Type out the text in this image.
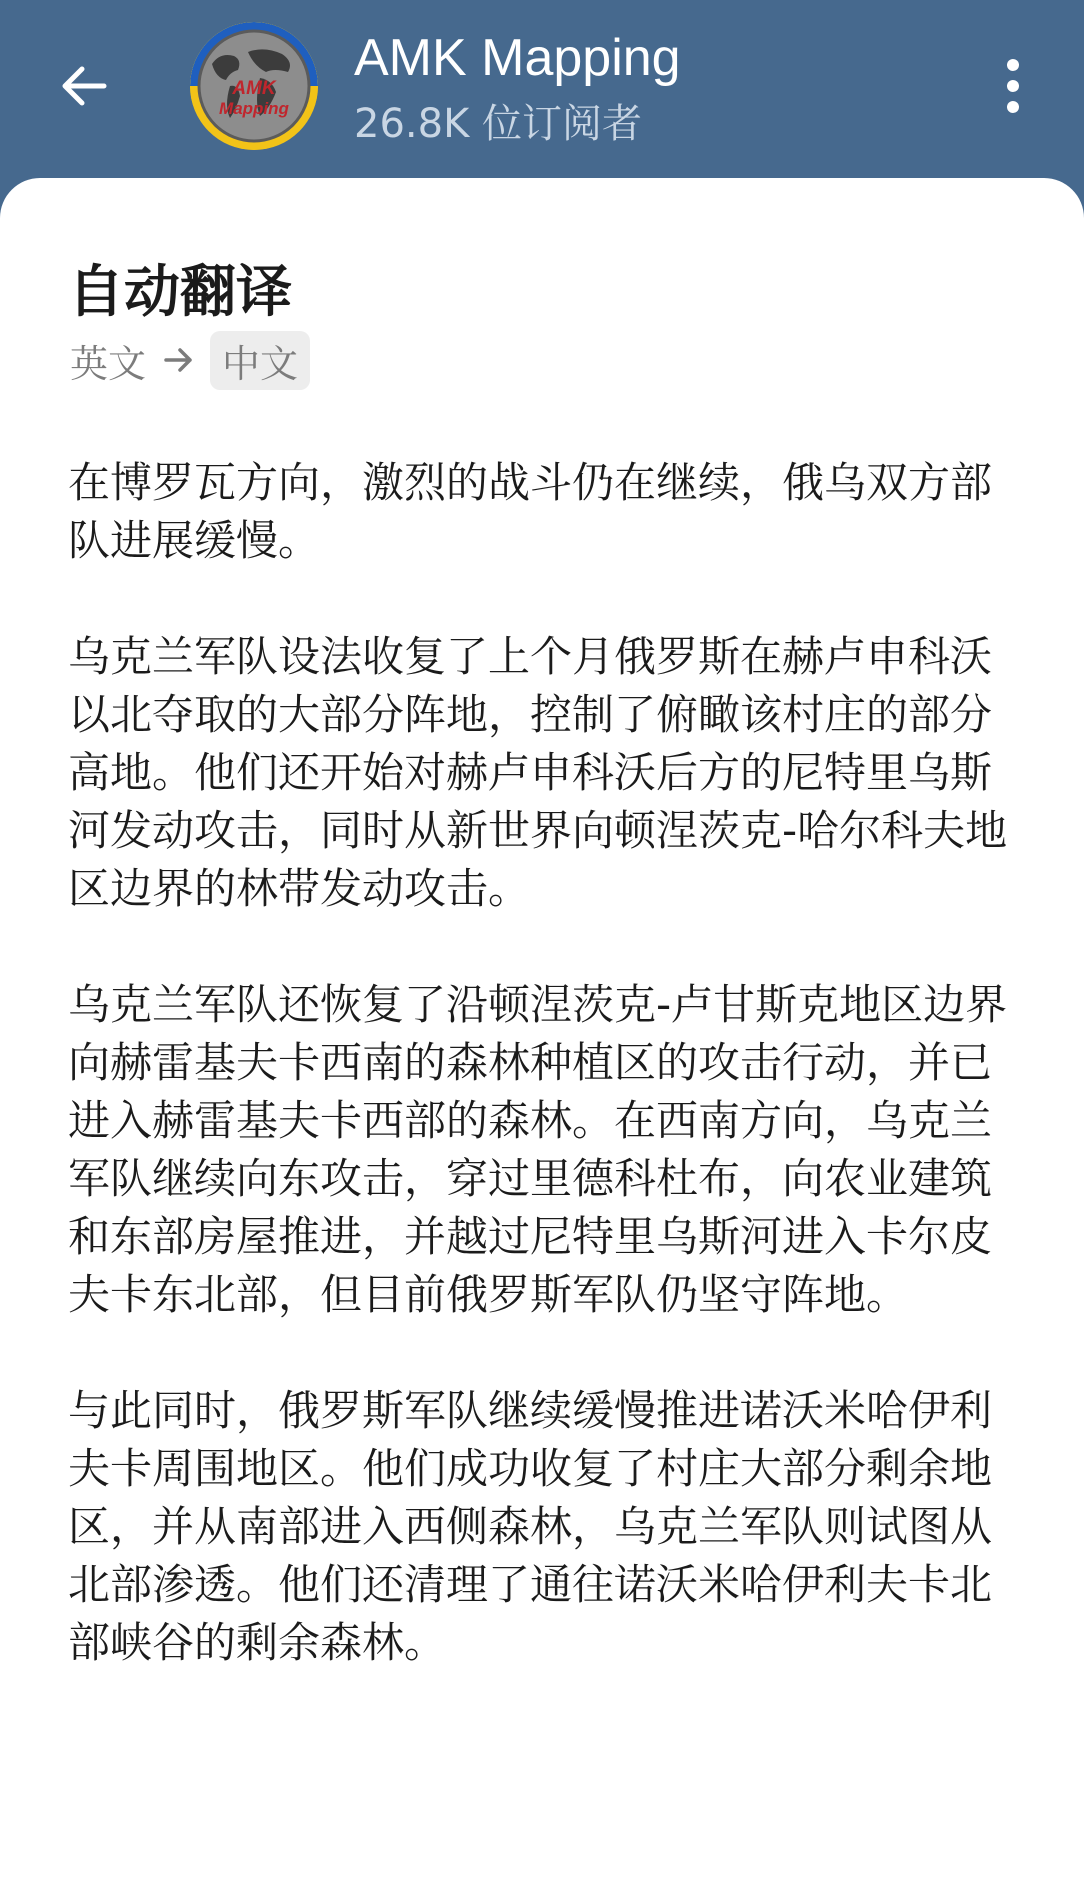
AMK
Mapping
AMK Mapping
26.8K 位订阅者
自动翻译
英文	中文

在博罗瓦方向，激烈的战斗仍在继续，俄乌双方部队进展缓慢。

乌克兰军队设法收复了上个月俄罗斯在赫卢申科沃以北夺取的大部分阵地，控制了俯瞰该村庄的部分高地。他们还开始对赫卢申科沃后方的尼特里乌斯河发动攻击，同时从新世界向顿涅茨克-哈尔科夫地区边界的林带发动攻击。

乌克兰军队还恢复了沿顿涅茨克-卢甘斯克地区边界向赫雷基夫卡西南的森林种植区的攻击行动，并已进入赫雷基夫卡西部的森林。在西南方向，乌克兰军队继续向东攻击，穿过里德科杜布，向农业建筑和东部房屋推进，并越过尼特里乌斯河进入卡尔皮夫卡东北部，但目前俄罗斯军队仍坚守阵地。

与此同时，俄罗斯军队继续缓慢推进诺沃米哈伊利夫卡周围地区。他们成功收复了村庄大部分剩余地区，并从南部进入西侧森林，乌克兰军队则试图从北部渗透。他们还清理了通往诺沃米哈伊利夫卡北部峡谷的剩余森林。
